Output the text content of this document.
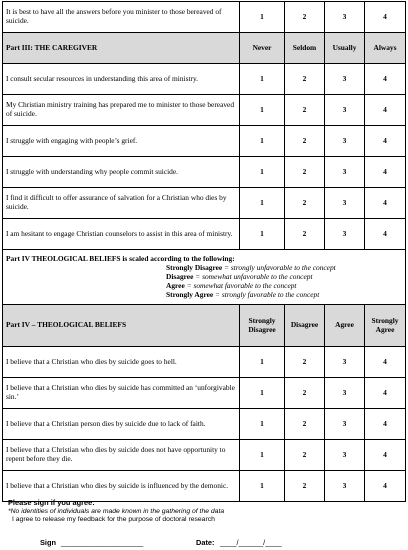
It is best to have all the answers before you minister to those bereaved of suicide.	1	2	3	4
Part III: THE CAREGIVER	Never	Seldom	Usually	Always
I consult secular resources in understanding this area of ministry.	1	2	3	4
My Christian ministry training has prepared me to minister to those bereaved of suicide.	1	2	3	4
I struggle with engaging with people’s grief.	1	2	3	4
I struggle with understanding why people commit suicide.	1	2	3	4
I find it difficult to offer assurance of salvation for a Christian who dies by suicide.	1	2	3	4
I am hesitant to engage Christian counselors to assist in this area of ministry.	1	2	3	4

Part IV THEOLOGICAL BELIEFS is scaled according to the following:
Strongly Disagree = strongly unfavorable to the concept
Disagree = somewhat unfavorable to the concept
Agree = somewhat favorable to the concept
Strongly Agree = strongly favorable to the concept				

Part IV – THEOLOGICAL BELIEFS	Strongly Disagree	Disagree	Agree	Strongly Agree
I believe that a Christian who dies by suicide goes to hell.	1	2	3	4
I believe that a Christian who dies by suicide has committed an ‘unforgivable sin.’	1	2	3	4
I believe that a Christian person dies by suicide due to lack of faith.	1	2	3	4
I believe that a Christian who dies by suicide does not have opportunity to repent before they die.	1	2	3	4
I believe that a Christian who dies by suicide is influenced by the demonic.	1	2	3	4
Please sign if you agree:
*No identities of individuals are made known in the gathering of the data
I agree to release my feedback for the purpose of doctoral research
Sign ____________________	Date: ____/______/____
